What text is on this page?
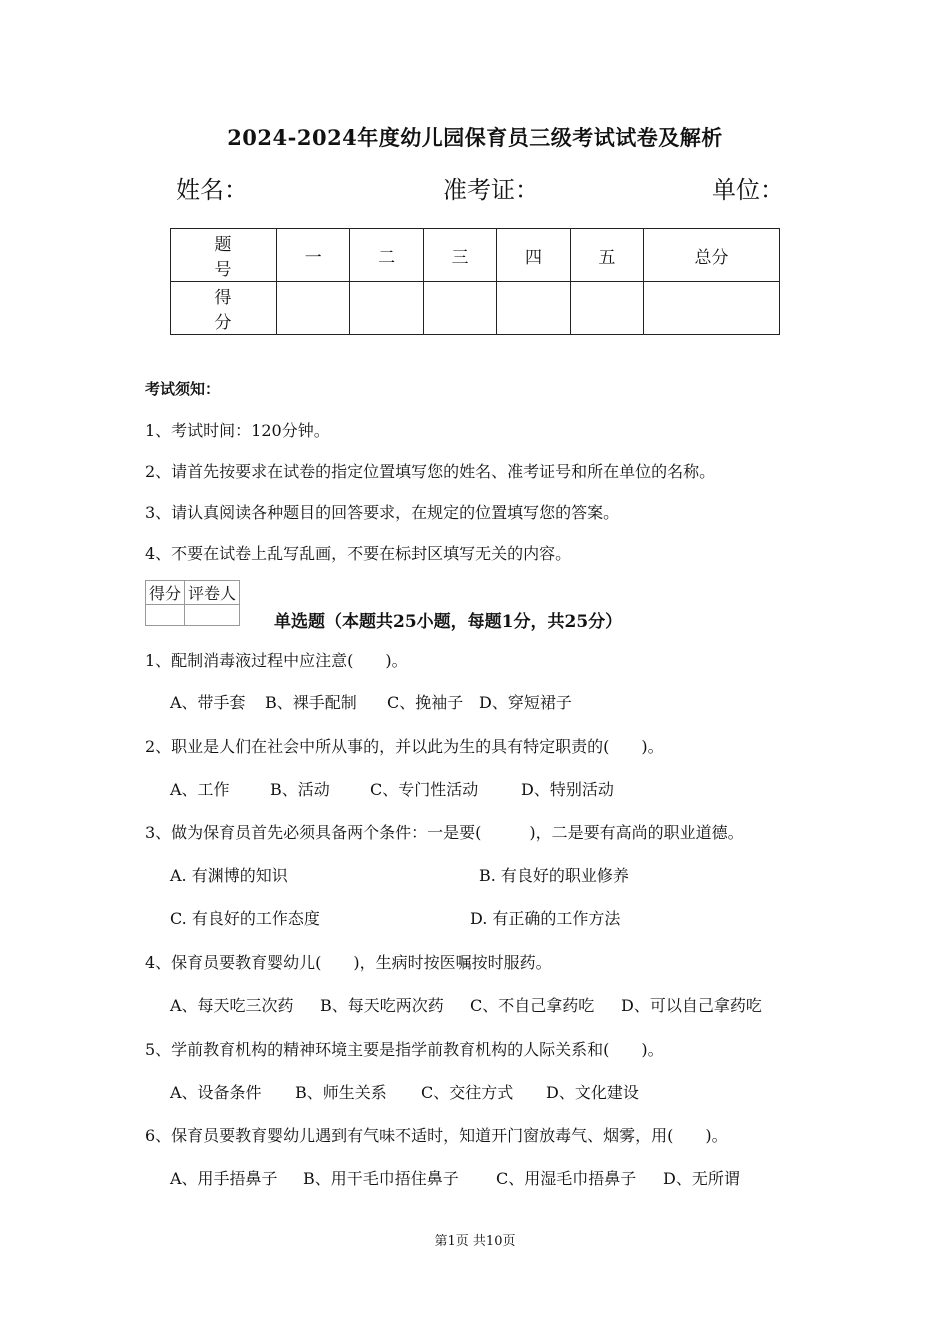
2024-2024年度幼儿园保育员三级考试试卷及解析
姓名：	准考证：	单位：
题　号	一	二	三	四	五	总分
得　分						
考试须知：
1、考试时间：120分钟。
2、请首先按要求在试卷的指定位置填写您的姓名、准考证号和所在单位的名称。
3、请认真阅读各种题目的回答要求，在规定的位置填写您的答案。
4、不要在试卷上乱写乱画，不要在标封区填写无关的内容。
得分	评卷人

单选题（本题共25小题，每题1分，共25分）
1、配制消毒液过程中应注意(　　)。
A、带手套 B、裸手配制 C、挽袖子 D、穿短裙子
2、职业是人们在社会中所从事的，并以此为生的具有特定职责的(　　)。
A、工作	B、活动	C、专门性活动	D、特别活动
3、做为保育员首先必须具备两个条件：一是要(　　　)，二是要有高尚的职业道德。
A. 有渊博的知识	B. 有良好的职业修养
C. 有良好的工作态度	D. 有正确的工作方法
4、保育员要教育婴幼儿(　　)，生病时按医嘱按时服药。
A、每天吃三次药 B、每天吃两次药 C、不自己拿药吃 D、可以自己拿药吃
5、学前教育机构的精神环境主要是指学前教育机构的人际关系和(　　)。
A、设备条件 B、师生关系 C、交往方式 D、文化建设
6、保育员要教育婴幼儿遇到有气味不适时，知道开门窗放毒气、烟雾，用(　　)。
A、用手捂鼻子 B、用干毛巾捂住鼻子 C、用湿毛巾捂鼻子 D、无所谓
第1页 共10页
